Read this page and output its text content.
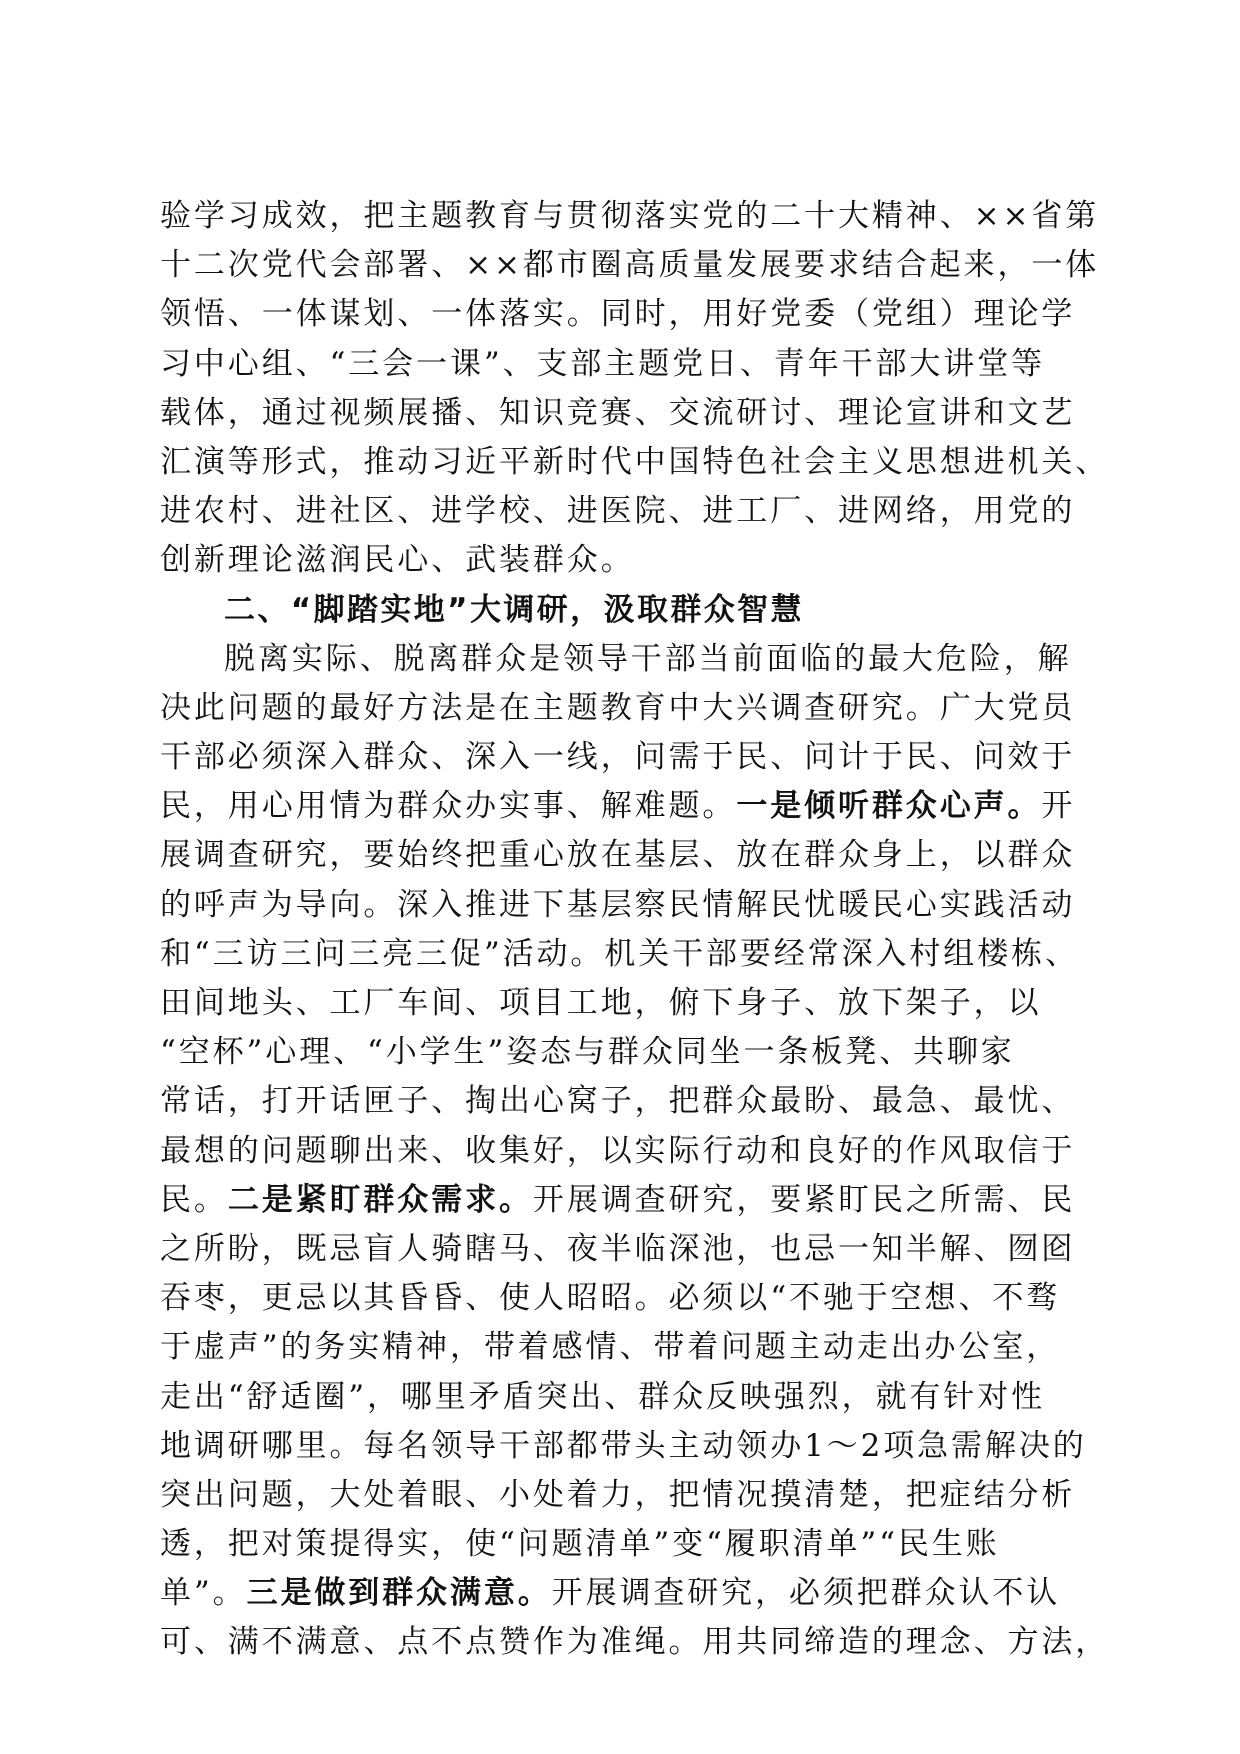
验学习成效，把主题教育与贯彻落实党的二十大精神、××省第
十二次党代会部署、××都市圈高质量发展要求结合起来，一体
领悟、一体谋划、一体落实。同时，用好党委（党组）理论学
习中心组、“三会一课”、支部主题党日、青年干部大讲堂等
载体，通过视频展播、知识竞赛、交流研讨、理论宣讲和文艺
汇演等形式，推动习近平新时代中国特色社会主义思想进机关、
进农村、进社区、进学校、进医院、进工厂、进网络，用党的
创新理论滋润民心、武装群众。
二、“脚踏实地”大调研，汲取群众智慧
脱离实际、脱离群众是领导干部当前面临的最大危险，解
决此问题的最好方法是在主题教育中大兴调查研究。广大党员
干部必须深入群众、深入一线，问需于民、问计于民、问效于
民，用心用情为群众办实事、解难题。一是倾听群众心声。开
展调查研究，要始终把重心放在基层、放在群众身上，以群众
的呼声为导向。深入推进下基层察民情解民忧暖民心实践活动
和“三访三问三亮三促”活动。机关干部要经常深入村组楼栋、
田间地头、工厂车间、项目工地，俯下身子、放下架子，以
“空杯”心理、“小学生”姿态与群众同坐一条板凳、共聊家
常话，打开话匣子、掏出心窝子，把群众最盼、最急、最忧、
最想的问题聊出来、收集好，以实际行动和良好的作风取信于
民。二是紧盯群众需求。开展调查研究，要紧盯民之所需、民
之所盼，既忌盲人骑瞎马、夜半临深池，也忌一知半解、囫囵
吞枣，更忌以其昏昏、使人昭昭。必须以“不驰于空想、不骛
于虚声”的务实精神，带着感情、带着问题主动走出办公室，
走出“舒适圈”，哪里矛盾突出、群众反映强烈，就有针对性
地调研哪里。每名领导干部都带头主动领办1～2项急需解决的
突出问题，大处着眼、小处着力，把情况摸清楚，把症结分析
透，把对策提得实，使“问题清单”变“履职清单”“民生账
单”。三是做到群众满意。开展调查研究，必须把群众认不认
可、满不满意、点不点赞作为准绳。用共同缔造的理念、方法，
